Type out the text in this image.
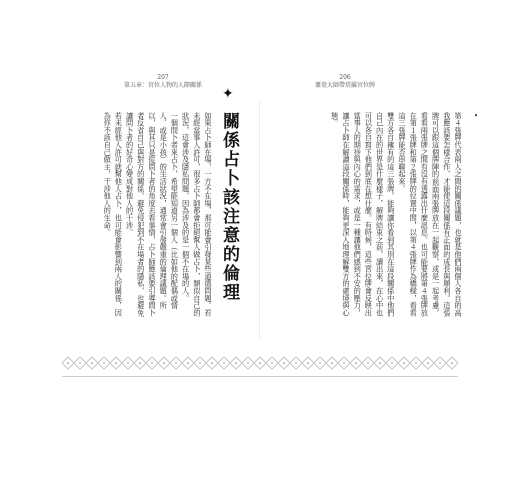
207
第五章：宮位人物的人際關係
206
蕭葉大師帶塔羅宮位牌
•

第４張牌代表兩人之間的關係議題，也就是他們兩個人各自的高我應該要怎樣合作，才能使這段關係有正面的成長與順利。這張牌可以跟這個牌陣的前面兩張牌放在一起觀察，或是一起考慮，看看兩張牌之間有沒有透露出什麼訊息。也可能要將第４張牌放在第１張牌和第２張牌的位置中間，以第４張牌作為橋樑，看看這三張牌能否串聯起來。

雙方各自擁有的這三張牌，能夠讓你看到其別在這段關係中他們自己內在的世界是什麼樣子，解牌結束之前，讀出來，在心中也可以各自寫下他們到底在想什麼。有時候，這些宮位牌會反映出當事人的期待與內心的需求，或是一種讓他們感到不安的壓力，讓占卜師在解讀這段關係時，能夠更深入地理解雙方的處境與心態。

✦
關係占卜該注意的倫理

如果占卜師在場，一方不在場，那可能會引發某些道德問題。若未經當事人許可，很多占卜師都會拒絕幫人做占卜，類似自己的狀況，這會涉及隱私問題，因為涉及的是一個不在場的人。

一個問卜者來占卜，希望能知道另一個人（比如他的配偶或情人、或是小孩）的生活狀況，通常會引發嚴重的倫理議題。所以，與其只是從問卜者的角度去看事情，占卜師應該要引導問卜者反省自己與對方的關係，避免侵犯到不在場者的隱私，也避免讓問卜者的好奇心變成對他人的干涉。

若未經他人許可就幫他人占卜，也可能會影響到兩人的關係，因為你不該自己做主，干涉他人的生命。
